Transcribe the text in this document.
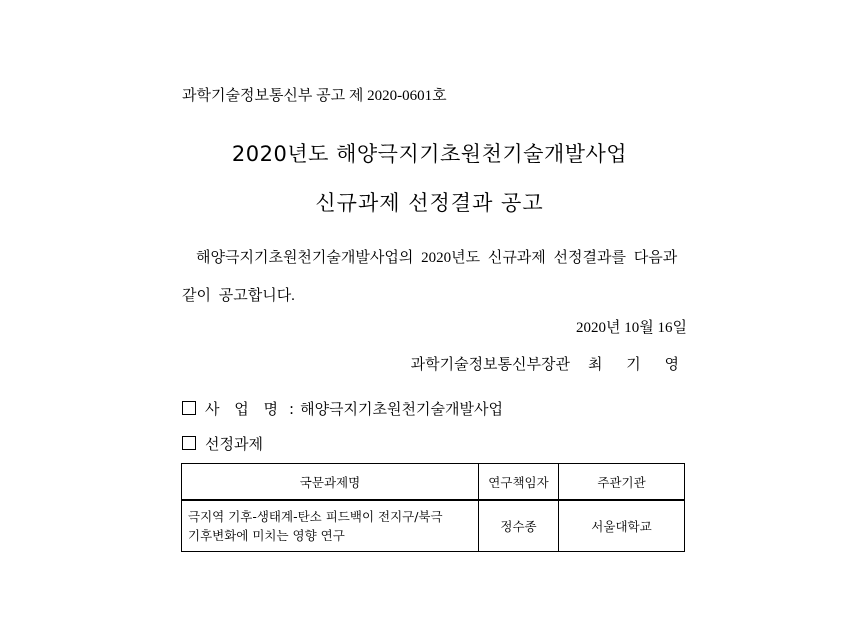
과학기술정보통신부 공고 제 2020-0601호
2020년도 해양극지기초원천기술개발사업
신규과제 선정결과 공고
해양극지기초원천기술개발사업의 2020년도 신규과제 선정결과를 다음과
같이 공고합니다.
2020년 10월 16일
과학기술정보통신부장관 최 기 영
사 업 명 : 해양극지기초원천기술개발사업
선정과제
국문과제명	연구책임자	주관기관
극지역 기후-생태계-탄소 피드백이 전지구/북극 기후변화에 미치는 영향 연구	정수종	서울대학교
